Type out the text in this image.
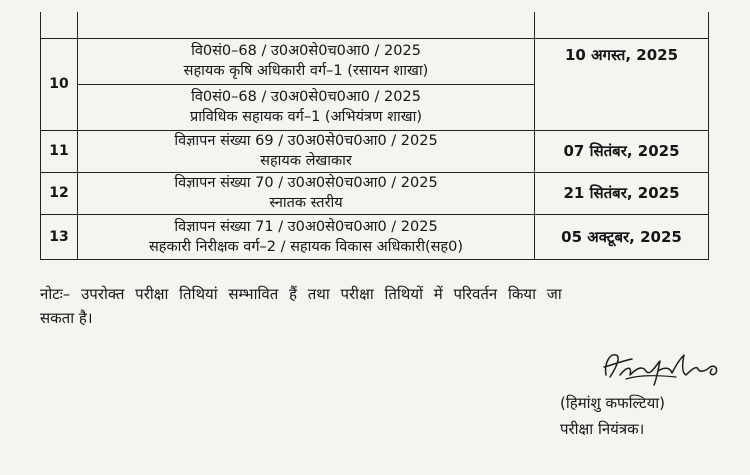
10	वि0सं0–68 / उ0अ0से0च0आ0 / 2025
सहायक कृषि अधिकारी वर्ग–1 (रसायन शाखा)	10 अगस्त, 2025

	वि0सं0–68 / उ0अ0से0च0आ0 / 2025
प्राविधिक सहायक वर्ग–1 (अभियंत्रण शाखा)	

11	विज्ञापन संख्या 69 / उ0अ0से0च0आ0 / 2025
सहायक लेखाकार	07 सितंबर, 2025
12	विज्ञापन संख्या 70 / उ0अ0से0च0आ0 / 2025
स्नातक स्तरीय	21 सितंबर, 2025
13	विज्ञापन संख्या 71 / उ0अ0से0च0आ0 / 2025
सहकारी निरीक्षक वर्ग–2 / सहायक विकास अधिकारी(सह0)	05 अक्टूबर, 2025
नोटः– उपरोक्त परीक्षा तिथियां सम्भावित हैं तथा परीक्षा तिथियों में परिवर्तन किया जा
सकता है।
(हिमांशु कफल्टिया)
परीक्षा नियंत्रक।
